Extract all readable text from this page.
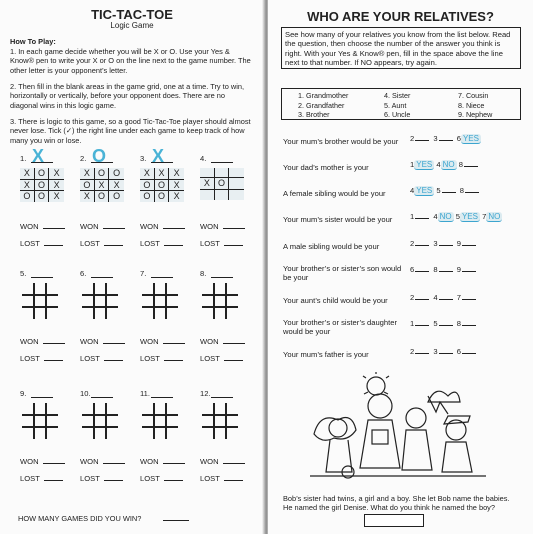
TIC-TAC-TOE
Logic Game
How To Play:
1. In each game decide whether you will be X or O. Use your Yes & Know® pen to write your X or O on the line next to the game number. The other letter is your opponent’s letter.
2. Then fill in the blank areas in the game grid, one at a time. Try to win, horizontally or vertically, before your opponent does. There are no diagonal wins in this logic game.
3. There is logic to this game, so a good Tic-Tac-Toe player should almost never lose. Tick (✓) the right line under each game to keep track of how many you win or lose.
1. X
X O X
X O X
O O X
WON
LOST
2. O
X O O
O X	X
X O O
WON
LOST
3. X
X X	X
O O X
O O X
WON
LOST
4.
X O
WON
LOST
5.
WON
LOST
6.
WON
LOST
7.
WON
LOST
8.
WON
LOST
9.
WON
LOST
10.
WON
LOST
11.
WON
LOST
12.
WON
LOST
HOW MANY GAMES DID YOU WIN?
WHO ARE YOUR RELATIVES?
See how many of your relatives you know from the list below. Read the question, then choose the number of the answer you think is right. With your Yes & Know® pen, fill in the space above the line next to that number. If NO appears, try again.
1. Grandmother
2. Grandfather
3. Brother
4. Sister
5. Aunt
6. Uncle
7. Cousin
8. Niece
9. Nephew
Your mum’s brother would be your	2	3	6 YES
Your dad’s mother is your	1 YES 4 NO 8
A female sibling would be your	4 YES 5	8
Your mum’s sister would be your	1	4 NO 5 YES 7 NO
A male sibling would be your	2	3	9
Your brother’s or sister’s son would be your
6	8	9
Your aunt’s child would be your	2	4	7
Your brother’s or sister’s daughter would be your
1	5	8
Your mum’s father is your	2	3	6
Bob’s sister had twins, a girl and a boy. She let Bob name the babies. He named the girl Denise. What do you think he named the boy?
